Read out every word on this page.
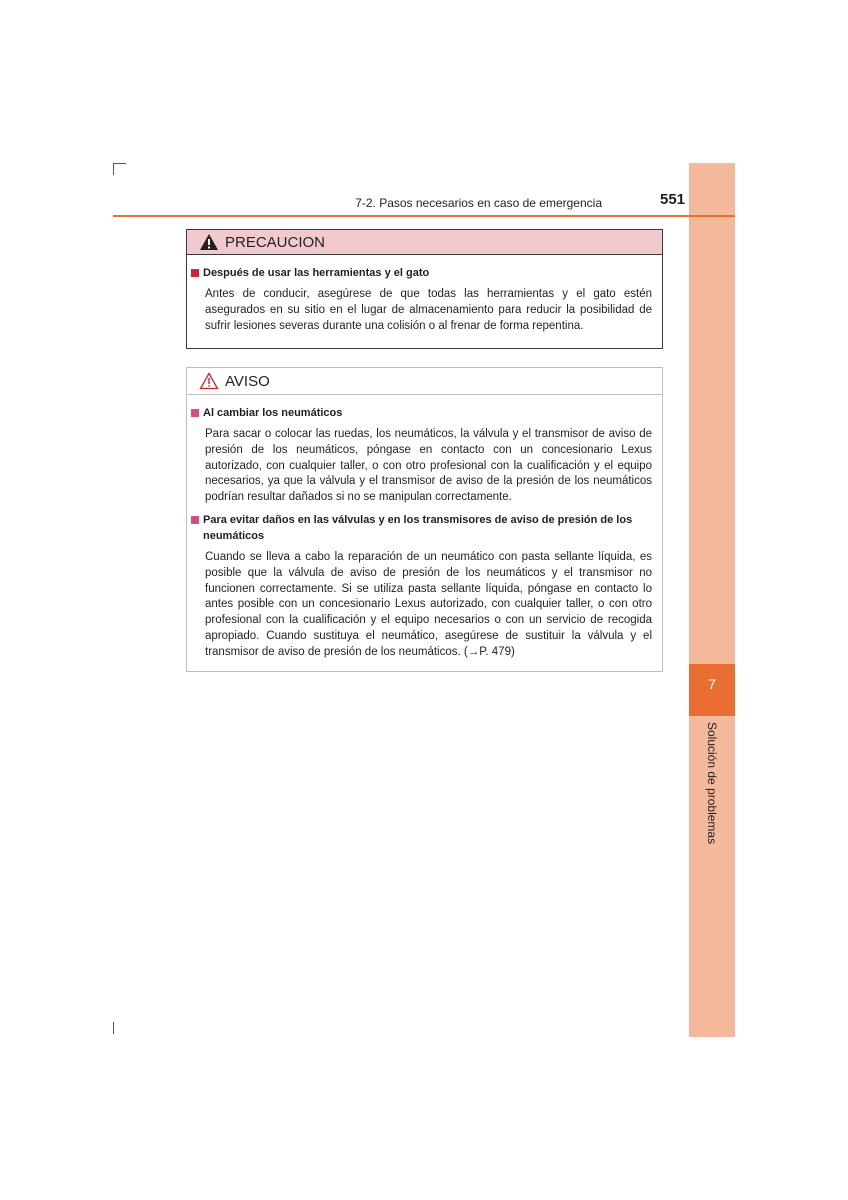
7
Solución de problemas
7-2. Pasos necesarios en caso de emergencia	551
PRECAUCION
Después de usar las herramientas y el gato
Antes de conducir, asegúrese de que todas las herramientas y el gato estén asegurados en su sitio en el lugar de almacenamiento para reducir la posibilidad de sufrir lesiones severas durante una colisión o al frenar de forma repentina.
AVISO
Al cambiar los neumáticos
Para sacar o colocar las ruedas, los neumáticos, la válvula y el transmisor de aviso de presión de los neumáticos, póngase en contacto con un concesionario Lexus autorizado, con cualquier taller, o con otro profesional con la cualificación y el equipo necesarios, ya que la válvula y el transmisor de aviso de la presión de los neumáticos podrían resultar dañados si no se manipulan correctamente.
Para evitar daños en las válvulas y en los transmisores de aviso de presión de los neumáticos
Cuando se lleva a cabo la reparación de un neumático con pasta sellante líquida, es posible que la válvula de aviso de presión de los neumáticos y el transmisor no funcionen correctamente. Si se utiliza pasta sellante líquida, póngase en contacto lo antes posible con un concesionario Lexus autorizado, con cualquier taller, o con otro profesional con la cualificación y el equipo necesarios o con un servicio de recogida apropiado. Cuando sustituya el neumático, asegúrese de sustituir la válvula y el transmisor de aviso de presión de los neumáticos. (→P. 479)
